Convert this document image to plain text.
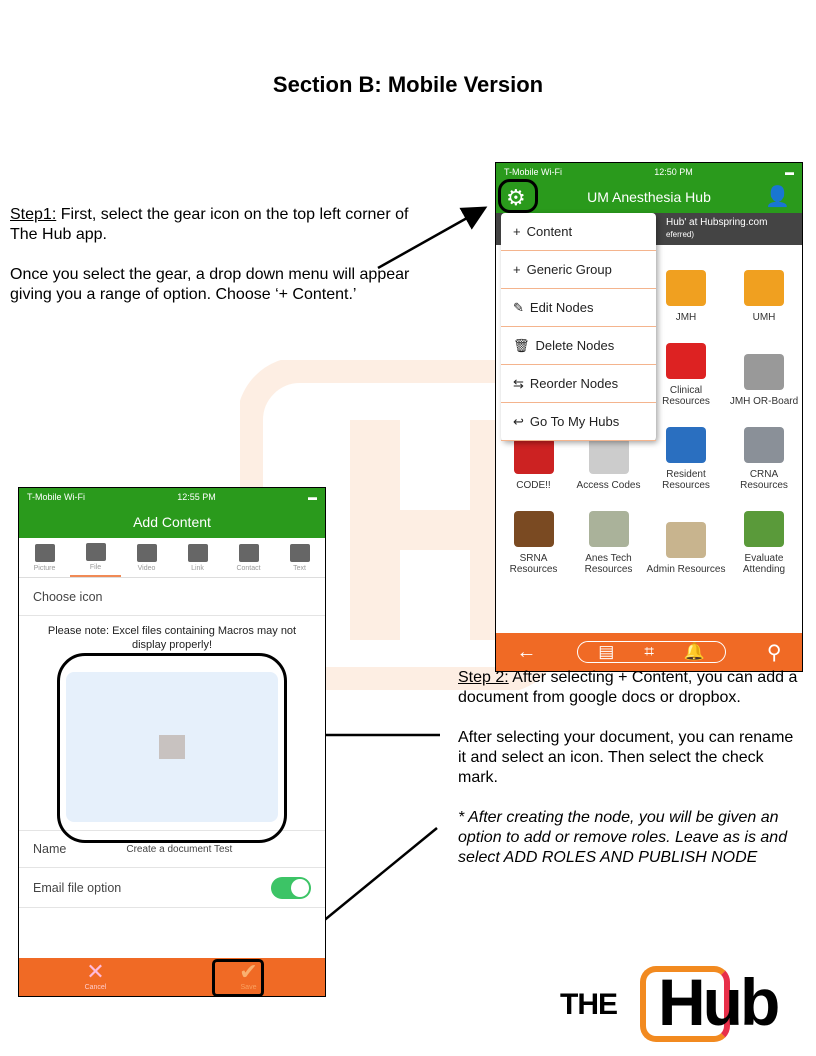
Section B: Mobile Version
Step1: First, select the gear icon on the top left corner of The Hub app.
Once you select the gear, a drop down menu will appear giving you a range of option. Choose ‘+ Content.’
T-Mobile Wi-Fi	12:50 PM	▬
⚙	UM Anesthesia Hub	👤
Hub' at Hubspring.com
eferred)
JMH	UMH
Clinical Resources	JMH OR-Board
CODE!!	Access Codes
Resident Resources
CRNA Resources
SRNA Resources
Anes Tech Resources	Admin Resources
Evaluate Attending
←	▤ ⌗ 🔔	⚲
+ Content
+ Generic Group
✎ Edit Nodes
🗑 Delete Nodes
⇆ Reorder Nodes
↩ Go To My Hubs
T-Mobile Wi-Fi	12:55 PM	▬
Add Content
Picture	File	Video	Link	Contact	Text
Choose icon
Please note: Excel files containing Macros may not display properly!
Name	Create a document Test
Email file option
✕
Cancel
✔
Save
Step 2: After selecting + Content, you can add a document from google docs or dropbox.
After selecting your document, you can rename it and select an icon. Then select the check mark.
* After creating the node, you will be given an option to add or remove roles. Leave as is and select ADD ROLES AND PUBLISH NODE
THE Hub
